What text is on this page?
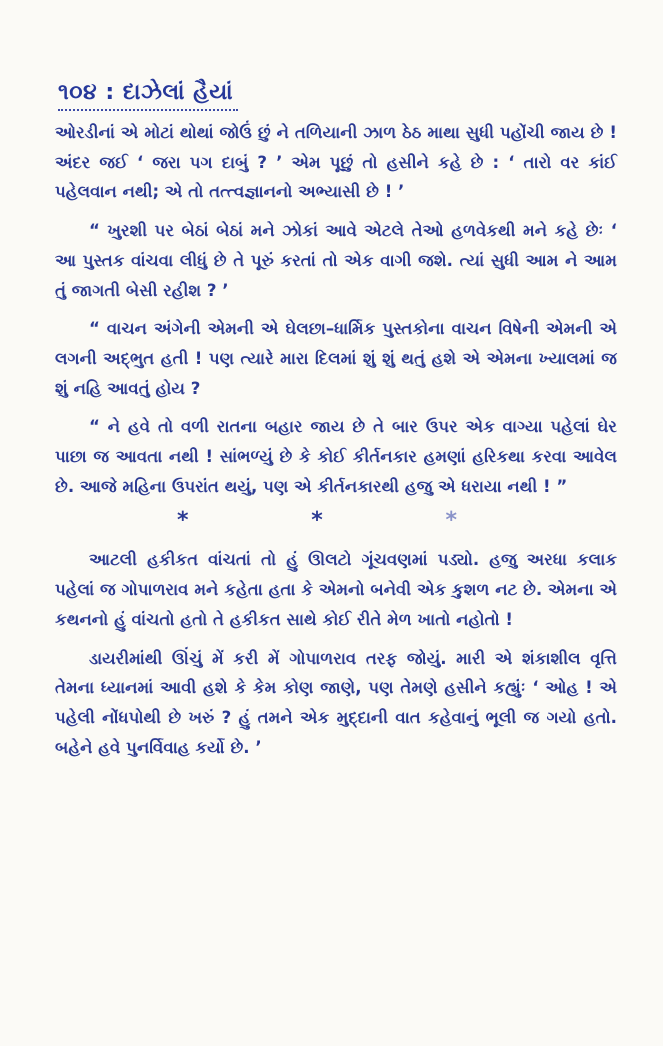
૧૦૪ : દાઝેલાં હૈયાં

ઓરડીનાં એ મોટાં થોથાં જોઉં છું ને તળિયાની ઝાળ ઠેઠ માથા સુધી પહોંચી જાય છે ! અંદર જઈ ‘ જરા પગ દાબું ? ’ એમ પૂછું તો હસીને કહે છે : ‘ તારો વર કાંઈ પહેલવાન નથી; એ તો તત્ત્વજ્ઞાનનો અભ્યાસી છે ! ’

“ ખુરશી પર બેઠાં બેઠાં મને ઝોકાં આવે એટલે તેઓ હળવેકથી મને કહે છેઃ ‘ આ પુસ્તક વાંચવા લીધું છે તે પૂરું કરતાં તો એક વાગી જશે. ત્યાં સુધી આમ ને આમ તું જાગતી બેસી રહીશ ? ’

“ વાચન અંગેની એમની એ ઘેલછા–ધાર્મિક પુસ્તકોના વાચન વિષેની એમની એ લગની અદ્ભુત હતી ! પણ ત્યારે મારા દિલમાં શું શું થતું હશે એ એમના ખ્યાલમાં જ શું નહિ આવતું હોય ?

“ ને હવે તો વળી રાતના બહાર જાય છે તે બાર ઉપર એક વાગ્યા પહેલાં ઘેર પાછા જ આવતા નથી ! સાંભળ્યું છે કે કોઈ કીર્તનકાર હમણાં હરિકથા કરવા આવેલ છે. આજે મહિના ઉપરાંત થયું, પણ એ કીર્તનકારથી હજુ એ ધરાયા નથી ! ”

*	*	*

આટલી હકીકત વાંચતાં તો હું ઊલટો ગૂંચવણમાં પડ્યો. હજુ અરધા કલાક પહેલાં જ ગોપાળરાવ મને કહેતા હતા કે એમનો બનેવી એક કુશળ નટ છે. એમના એ કથનનો હું વાંચતો હતો તે હકીકત સાથે કોઈ રીતે મેળ ખાતો નહોતો !

ડાયરીમાંથી ઊંચું મેં કરી મેં ગોપાળરાવ તરફ જોયું. મારી એ શંકાશીલ વૃત્તિ તેમના ધ્યાનમાં આવી હશે કે કેમ કોણ જાણે, પણ તેમણે હસીને કહ્યુંઃ ‘ ઓહ ! એ પહેલી નોંધપોથી છે ખરું ? હું તમને એક મુદ્દાની વાત કહેવાનું ભૂલી જ ગયો હતો. બહેને હવે પુનર્વિવાહ કર્યો છે. ’
